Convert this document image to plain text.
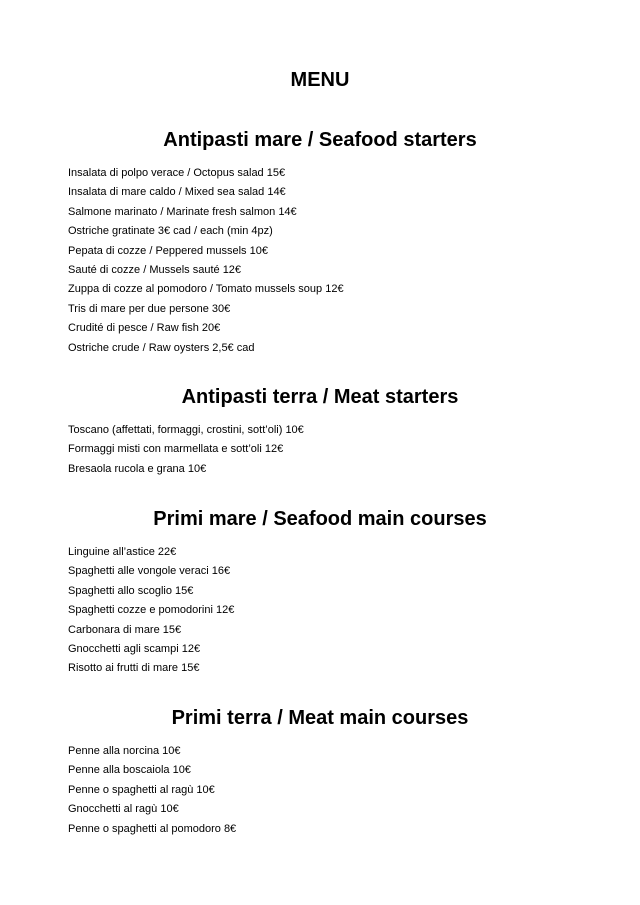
MENU
Antipasti mare / Seafood starters
Insalata di polpo verace / Octopus salad 15€
Insalata di mare caldo / Mixed sea salad 14€
Salmone marinato / Marinate fresh salmon 14€
Ostriche gratinate 3€ cad / each (min 4pz)
Pepata di cozze / Peppered mussels 10€
Sauté di cozze / Mussels sauté 12€
Zuppa di cozze al pomodoro / Tomato mussels soup 12€
Tris di mare per due persone 30€
Crudité di pesce / Raw fish 20€
Ostriche crude / Raw oysters 2,5€ cad
Antipasti terra / Meat starters
Toscano (affettati, formaggi, crostini, sott’oli) 10€
Formaggi misti con marmellata e sott’oli 12€
Bresaola rucola e grana 10€
Primi mare / Seafood main courses
Linguine all’astice 22€
Spaghetti alle vongole veraci 16€
Spaghetti allo scoglio 15€
Spaghetti cozze e pomodorini 12€
Carbonara di mare 15€
Gnocchetti agli scampi 12€
Risotto ai frutti di mare 15€
Primi terra / Meat main courses
Penne alla norcina 10€
Penne alla boscaiola 10€
Penne o spaghetti al ragù 10€
Gnocchetti al ragù 10€
Penne o spaghetti al pomodoro 8€
